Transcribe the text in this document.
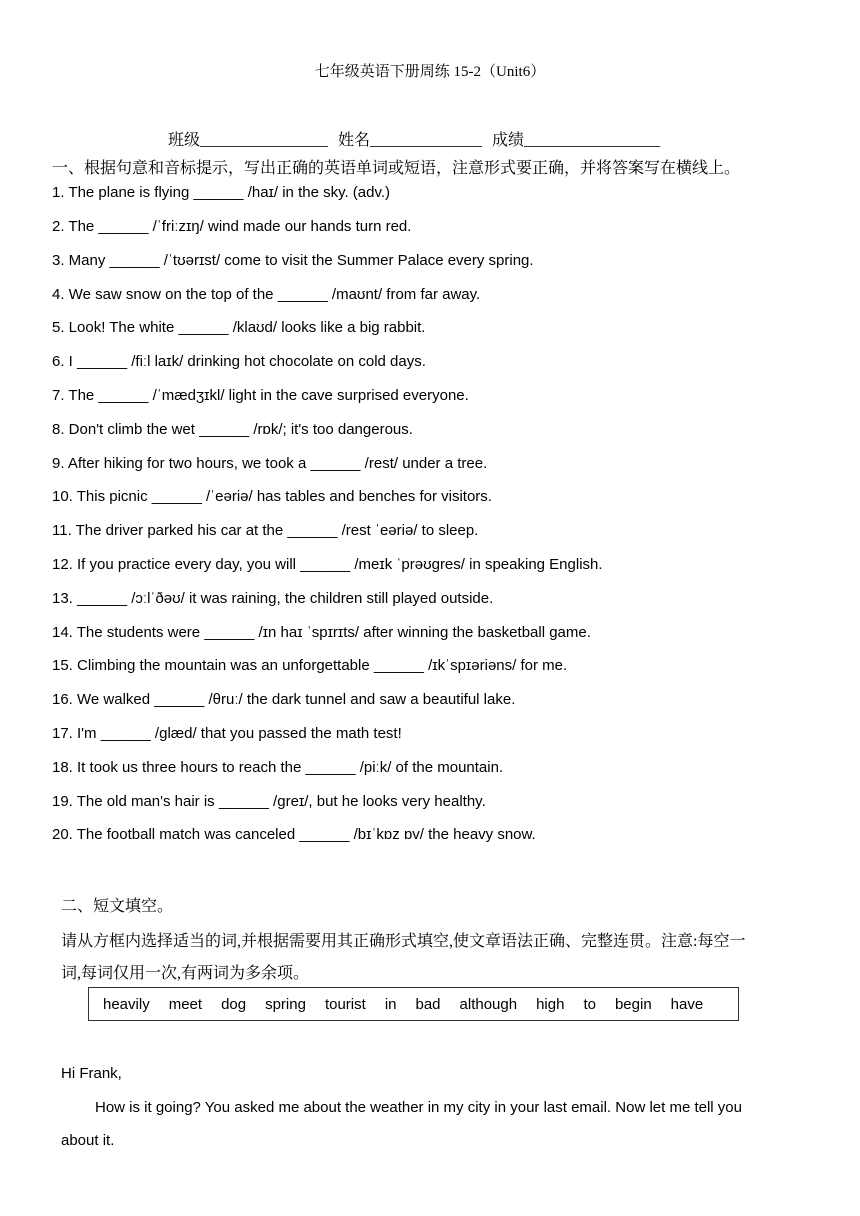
七年级英语下册周练 15-2（Unit6）
班级________________ 姓名______________ 成绩_________________
一、根据句意和音标提示，写出正确的英语单词或短语，注意形式要正确，并将答案写在横线上。
1. The plane is flying ______ /haɪ/ in the sky. (adv.)
2. The ______ /ˈfriːzɪŋ/ wind made our hands turn red.
3. Many ______ /ˈtʊərɪst/ come to visit the Summer Palace every spring.
4. We saw snow on the top of the ______ /maʊnt/ from far away.
5. Look! The white ______ /klaʊd/ looks like a big rabbit.
6. I ______ /fiːl laɪk/ drinking hot chocolate on cold days.
7. The ______ /ˈmædʒɪkl/ light in the cave surprised everyone.
8. Don't climb the wet ______ /rɒk/; it's too dangerous.
9. After hiking for two hours, we took a ______ /rest/ under a tree.
10. This picnic ______ /ˈeəriə/ has tables and benches for visitors.
11. The driver parked his car at the ______ /rest ˈeəriə/ to sleep.
12. If you practice every day, you will ______ /meɪk ˈprəʊgres/ in speaking English.
13. ______ /ɔːlˈðəʊ/ it was raining, the children still played outside.
14. The students were ______ /ɪn haɪ ˈspɪrɪts/ after winning the basketball game.
15. Climbing the mountain was an unforgettable ______ /ɪkˈspɪəriəns/ for me.
16. We walked ______ /θruː/ the dark tunnel and saw a beautiful lake.
17. I'm ______ /glæd/ that you passed the math test!
18. It took us three hours to reach the ______ /piːk/ of the mountain.
19. The old man's hair is ______ /greɪ/, but he looks very healthy.
20. The football match was canceled ______ /bɪˈkɒz ɒv/ the heavy snow.
二、短文填空。
请从方框内选择适当的词,并根据需要用其正确形式填空,使文章语法正确、完整连贯。注意:每空一
词,每词仅用一次,有两词为多余项。
heavily meet dog spring tourist in bad although high to begin have
Hi Frank,
How is it going? You asked me about the weather in my city in your last email. Now let me tell you
about it.
